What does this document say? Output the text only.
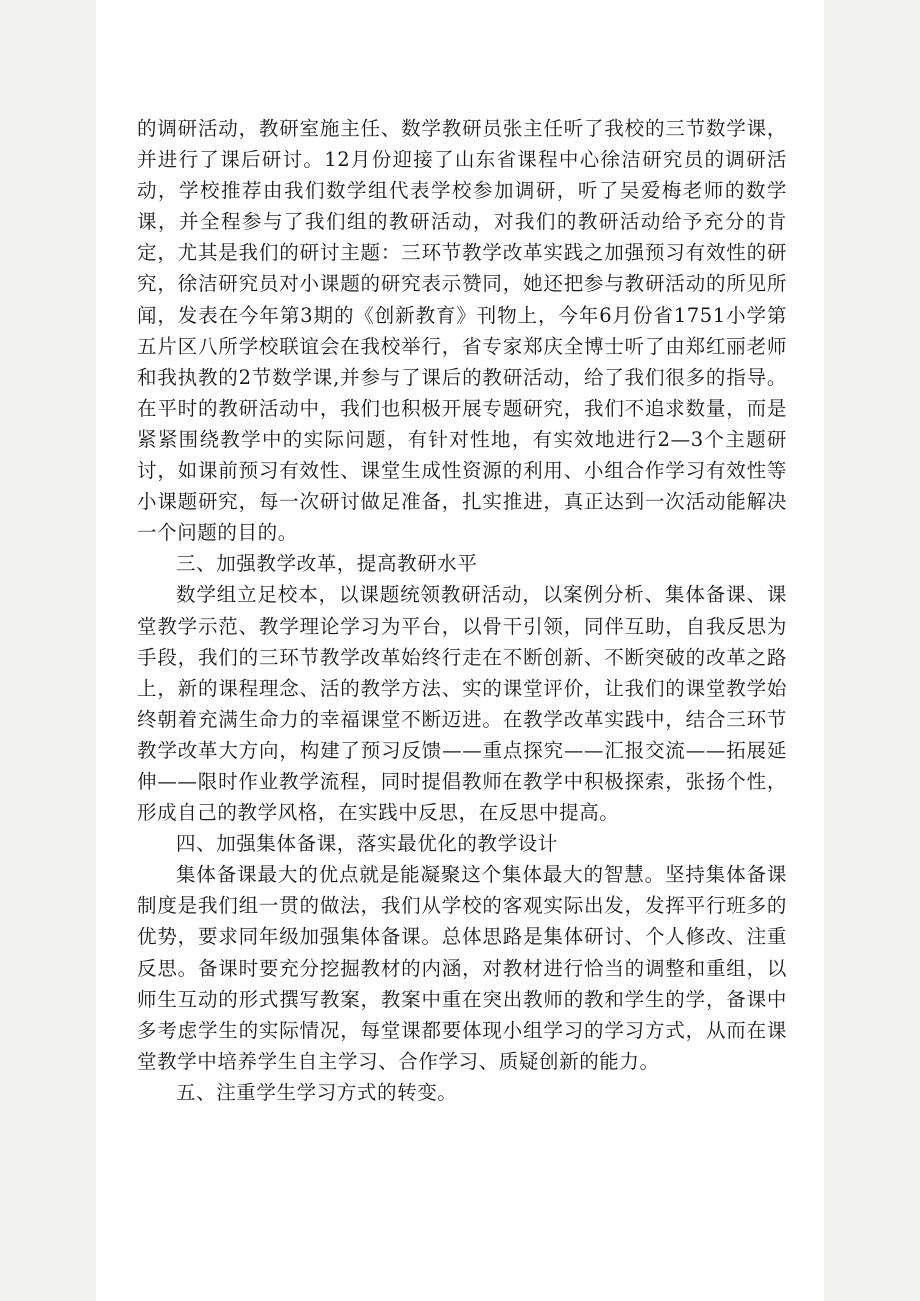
的调研活动，教研室施主任、数学教研员张主任听了我校的三节数学课，并进行了课后研讨。12月份迎接了山东省课程中心徐洁研究员的调研活动，学校推荐由我们数学组代表学校参加调研，听了吴爱梅老师的数学课，并全程参与了我们组的教研活动，对我们的教研活动给予充分的肯定，尤其是我们的研讨主题：三环节教学改革实践之加强预习有效性的研究，徐洁研究员对小课题的研究表示赞同，她还把参与教研活动的所见所闻，发表在今年第3期的《创新教育》刊物上，今年6月份省1751小学第五片区八所学校联谊会在我校举行，省专家郑庆全博士听了由郑红丽老师和我执教的2节数学课,并参与了课后的教研活动，给了我们很多的指导。在平时的教研活动中，我们也积极开展专题研究，我们不追求数量，而是紧紧围绕教学中的实际问题，有针对性地，有实效地进行2—3个主题研讨，如课前预习有效性、课堂生成性资源的利用、小组合作学习有效性等小课题研究，每一次研讨做足准备，扎实推进，真正达到一次活动能解决一个问题的目的。

三、加强教学改革，提高教研水平

数学组立足校本，以课题统领教研活动，以案例分析、集体备课、课堂教学示范、教学理论学习为平台，以骨干引领，同伴互助，自我反思为手段，我们的三环节教学改革始终行走在不断创新、不断突破的改革之路上，新的课程理念、活的教学方法、实的课堂评价，让我们的课堂教学始终朝着充满生命力的幸福课堂不断迈进。在教学改革实践中，结合三环节教学改革大方向，构建了预习反馈——重点探究——汇报交流——拓展延伸——限时作业教学流程，同时提倡教师在教学中积极探索，张扬个性，形成自己的教学风格，在实践中反思，在反思中提高。

四、加强集体备课，落实最优化的教学设计

集体备课最大的优点就是能凝聚这个集体最大的智慧。坚持集体备课制度是我们组一贯的做法，我们从学校的客观实际出发，发挥平行班多的优势，要求同年级加强集体备课。总体思路是集体研讨、个人修改、注重反思。备课时要充分挖掘教材的内涵，对教材进行恰当的调整和重组，以师生互动的形式撰写教案，教案中重在突出教师的教和学生的学，备课中多考虑学生的实际情况，每堂课都要体现小组学习的学习方式，从而在课堂教学中培养学生自主学习、合作学习、质疑创新的能力。

五、注重学生学习方式的转变。
